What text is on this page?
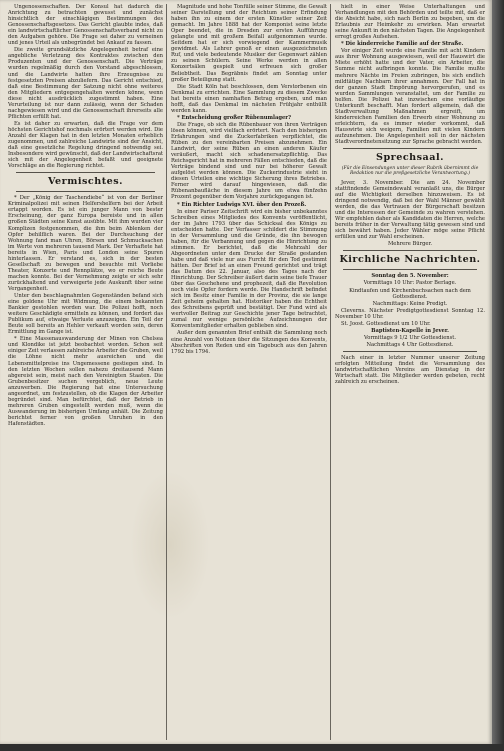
Ungenossenschaften. Der Konsul hat dadurch die Anrichtung zu betrachten gewusst und zunächst hinsichtlich der einschlägigen Bestimmungen des Genossenschaftsgesetzes. Das Gericht glaubte indes, daß ein landwirtschaftlicher Genossenschaftsverband nicht zu den Aufgaben gehöre. Die Frage sei daher zu verneinen und jenes Urteil als unbegründet bei Ankauf zu fassen.

Die zweite grundsätzliche Angelegenheit betraf eine angebliche Verletzung des Kontraktes zwischen den Produzenten und der Genossenschaft. Die Verträge wurden regelmäßig durch den Vorstand abgeschlossen, und die Landwirte hatten ihre Erzeugnisse zu festgesetzten Preisen abzuliefern. Das Gericht entschied, daß eine Bestimmung der Satzung nicht ohne weiteres den Mitgliedern entgegengehalten werden könne, wenn diese nicht ausdrücklich zugestimmt haben. Eine Verurteilung ist nur dann zulässig, wenn der Schaden nachgewiesen wird und die Genossenschaft ihrerseits alle Pflichten erfüllt hat.

Es ist daher zu erwarten, daß die Frage vor dem höchsten Gerichtshof nochmals erörtert werden wird. Die Anzahl der Klagen hat in den letzten Monaten erheblich zugenommen, und zahlreiche Landwirte sind der Ansicht, daß eine gesetzliche Regelung dringend notwendig sei. Insbesondere wird gewünscht, daß der Landwirtschaftsrat sich mit der Angelegenheit befaßt und geeignete Vorschläge an die Regierung richtet.

Vermischtes.

* Der „König der Taschendiebe“ ist von der Berliner Kriminalpolizei mit seinen Helfershelfern bei der Arbeit ertappt worden. Es ist ein junger Mann von bester Erscheinung, der ganz Europa bereiste und in allen großen Städten seine Kunst ausübte. Mit ihm wurden vier Komplizen festgenommen, die ihm beim Ablenken der Opfer behilflich waren. Bei der Durchsuchung der Wohnung fand man Uhren, Börsen und Schmucksachen im Werte von mehreren tausend Mark. Der Verhaftete hat bereits in Wien, Paris und London seine Spuren hinterlassen. Er verstand es, sich in der besten Gesellschaft zu bewegen und besuchte mit Vorliebe Theater, Konzerte und Rennplätze, wo er reiche Beute machen konnte. Bei der Vernehmung zeigte er sich sehr zurückhaltend und verweigerte jede Auskunft über seine Vergangenheit.

Unter den beschlagnahmten Gegenständen befand sich eine goldene Uhr mit Widmung, die einem bekannten Bankier gestohlen worden war. Die Polizei hofft, noch weitere Geschädigte ermitteln zu können, und fordert das Publikum auf, etwaige Verluste anzuzeigen. Ein Teil der Beute soll bereits an Hehler verkauft worden sein, deren Ermittlung im Gange ist.

* Eine Massenauswanderung der Minen von Chelsea und Klondike ist jetzt beobachtet worden. Schon seit einiger Zeit verlassen zahlreiche Arbeiter die Gruben, weil die Löhne nicht mehr ausreichen und die Lebensmittelpreise ins Ungemessene gestiegen sind. In den letzten Wochen sollen nahezu dreitausend Mann abgereist sein, meist nach den Vereinigten Staaten. Die Grubenbesitzer suchen vergeblich, neue Leute anzuwerben. Die Regierung hat eine Untersuchung angeordnet, um festzustellen, ob die Klagen der Arbeiter begründet sind. Man befürchtet, daß der Betrieb in mehreren Gruben eingestellt werden muß, wenn die Auswanderung im bisherigen Umfang anhält. Die Zeitung berichtet ferner von großen Unruhen in den Hafenstädten.

Magnitude und hohe Tonfülle seiner Stimme, die Gewalt seiner Darstellung und der Reichtum seiner Erfindung haben ihn zu einem der ersten Künstler seiner Zeit gemacht. Im Jahre 1888 hat der Komponist seine letzte Oper beendet, die in Dresden zur ersten Aufführung gelangte und mit großem Beifall aufgenommen wurde. Seitdem hat er sich vorwiegend der Kammermusik gewidmet. Als Lehrer genoß er einen ausgezeichneten Ruf, und viele bedeutende Musiker der Gegenwart zählen zu seinen Schülern. Seine Werke werden in allen Konzertsälen gespielt und erfreuen sich großer Beliebtheit. Das Begräbnis findet am Sonntag unter großer Beteiligung statt.

Die Stadt Köln hat beschlossen, dem Verstorbenen ein Denkmal zu errichten. Eine Sammlung zu diesem Zwecke hat bereits einen namhaften Betrag ergeben, und man hofft, daß das Denkmal im nächsten Frühjahr enthüllt werden kann.

* Entscheidung großer Rübenumlager?

Die Frage, ob sich die Rübenbauer von ihren Verträgen lösen können, wird vielfach erörtert. Nach den bisherigen Erfahrungen sind die Zuckerfabriken verpflichtet, die Rüben zu den vereinbarten Preisen abzunehmen. Ein Landwirt, der seine Rüben an einen anderen Käufer veräußert, macht sich schadenersatzpflichtig. Das Reichsgericht hat in mehreren Fällen entschieden, daß die Verträge bindend sind und nur bei höherer Gewalt aufgelöst werden können. Die Zuckerindustrie sieht in diesen Urteilen eine wichtige Sicherung ihres Betriebes. Ferner wird darauf hingewiesen, daß die Rübenanbaufläche in diesem Jahre um etwa fünfzehn Prozent gegenüber dem Vorjahre zurückgegangen ist.

* Ein Richter Ludwigs XVI. über den Prozeß.

In einer Pariser Zeitschrift wird ein bisher unbekanntes Schreiben eines Mitgliedes des Konvents veröffentlicht, der im Jahre 1793 über das Schicksal des Königs zu entscheiden hatte. Der Verfasser schildert die Stimmung in der Versammlung und die Gründe, die ihn bewogen haben, für die Verbannung und gegen die Hinrichtung zu stimmen. Er berichtet, daß die Mehrzahl der Abgeordneten unter dem Drucke der Straße gestanden habe und daß viele nur aus Furcht für den Tod gestimmt hätten. Der Brief ist an einen Freund gerichtet und trägt das Datum des 22. Januar, also des Tages nach der Hinrichtung. Der Schreiber äußert darin seine tiefe Trauer über das Geschehene und prophezeit, daß die Revolution noch viele Opfer fordern werde. Die Handschrift befindet sich im Besitz einer Familie in der Provinz, die sie lange Zeit geheim gehalten hat. Historiker haben die Echtheit des Schreibens geprüft und bestätigt. Der Fund wird als wertvoller Beitrag zur Geschichte jener Tage betrachtet, zumal nur wenige persönliche Aufzeichnungen der Konventsmitglieder erhalten geblieben sind.

Außer dem genannten Brief enthält die Sammlung noch eine Anzahl von Notizen über die Sitzungen des Konvents, Abschriften von Reden und ein Tagebuch aus den Jahren 1792 bis 1794.

hielt in einer Weise Unterhaltungen und Verhandlungen mit den Behörden und teilte mit, daß er die Absicht habe, sich nach Berlin zu begeben, um die Erlaubnis zur Heimkehr zu erwirken. Man erwartet seine Ankunft in den nächsten Tagen. Die Angelegenheit erregt großes Aufsehen.

* Die kinderreiche Familie auf der Straße.

Vor einiger Zeit wurde eine Familie mit acht Kindern aus ihrer Wohnung ausgewiesen, weil der Hauswirt die Miete erhöht hatte und der Vater, ein Arbeiter, die Summe nicht aufbringen konnte. Die Familie mußte mehrere Nächte im Freien zubringen, bis sich endlich mildtätige Nachbarn ihrer annahmen. Der Fall hat in der ganzen Stadt Empörung hervorgerufen, und es wurden Sammlungen veranstaltet, um der Familie zu helfen. Die Polizei hat inzwischen eine vorläufige Unterkunft beschafft. Man fordert allgemein, daß die Stadtverwaltung Maßnahmen ergreift, um kinderreichen Familien den Erwerb einer Wohnung zu erleichtern, da es immer wieder vorkommt, daß Hauswirte sich weigern, Familien mit vielen Kindern aufzunehmen. Die Angelegenheit soll in der nächsten Stadtverordnetensitzung zur Sprache gebracht werden.

Sprechsaal.
(Für die Einsendungen unter dieser Rubrik übernimmt die Redaktion nur die preßgesetzliche Verantwortung.)

Jever, 3. November. Die am 24. November stattfindende Gemeindewahl veranlaßt uns, die Bürger auf die Wichtigkeit derselben hinzuweisen. Es ist dringend notwendig, daß bei der Wahl Männer gewählt werden, die das Vertrauen der Bürgerschaft besitzen und die Interessen der Gemeinde zu wahren verstehen. Wir empfehlen daher als Kandidaten die Herren, welche bereits früher in der Verwaltung tätig gewesen sind und sich bewährt haben. Jeder Wähler möge seine Pflicht erfüllen und zur Wahl erscheinen.

Mehrere Bürger.

Kirchliche Nachrichten.

Sonntag den 5. November:

Vormittags 10 Uhr: Pastor Berlage.

Kindtaufen und Kirchenbuchsachen nach dem Gottesdienst.

Nachmittags: Keine Predigt.

Cleverns. Nächster Predigtgottesdienst Sonntag 12. November 10 Uhr.

St. Joost. Gottesdienst um 10 Uhr.

Baptisten-Kapelle in Jever.

Vormittags 9 1/2 Uhr Gottesdienst.

Nachmittags 4 Uhr Gottesdienst.

Nach einer in letzter Nummer unserer Zeitung erfolgten Mitteilung findet die Versammlung des landwirtschaftlichen Vereins am Dienstag in der Wirtschaft statt. Die Mitglieder werden gebeten, recht zahlreich zu erscheinen.
